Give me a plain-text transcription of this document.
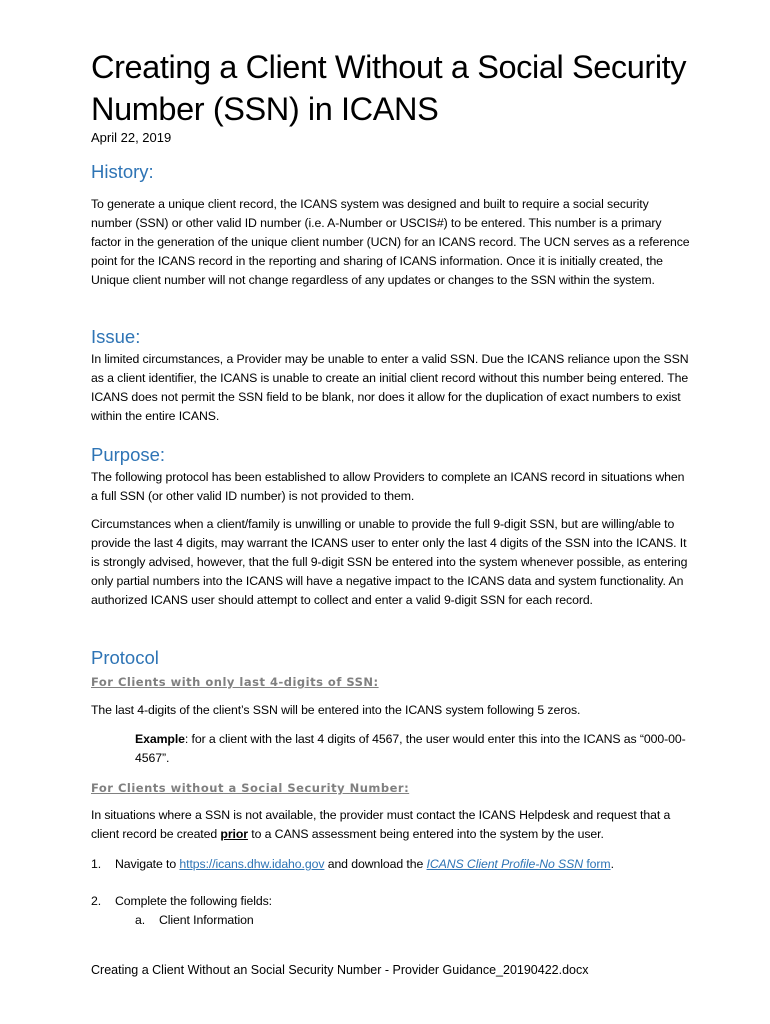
Creating a Client Without a Social Security Number (SSN) in ICANS

April 22, 2019

History:

To generate a unique client record, the ICANS system was designed and built to require a social security number (SSN) or other valid ID number (i.e. A-Number or USCIS#) to be entered. This number is a primary factor in the generation of the unique client number (UCN) for an ICANS record. The UCN serves as a reference point for the ICANS record in the reporting and sharing of ICANS information. Once it is initially created, the Unique client number will not change regardless of any updates or changes to the SSN within the system.

Issue:

In limited circumstances, a Provider may be unable to enter a valid SSN. Due the ICANS reliance upon the SSN as a client identifier, the ICANS is unable to create an initial client record without this number being entered. The ICANS does not permit the SSN field to be blank, nor does it allow for the duplication of exact numbers to exist within the entire ICANS.

Purpose:

The following protocol has been established to allow Providers to complete an ICANS record in situations when a full SSN (or other valid ID number) is not provided to them.

Circumstances when a client/family is unwilling or unable to provide the full 9-digit SSN, but are willing/able to provide the last 4 digits, may warrant the ICANS user to enter only the last 4 digits of the SSN into the ICANS. It is strongly advised, however, that the full 9-digit SSN be entered into the system whenever possible, as entering only partial numbers into the ICANS will have a negative impact to the ICANS data and system functionality. An authorized ICANS user should attempt to collect and enter a valid 9-digit SSN for each record.

Protocol

For Clients with only last 4-digits of SSN:

The last 4-digits of the client’s SSN will be entered into the ICANS system following 5 zeros.

Example: for a client with the last 4 digits of 4567, the user would enter this into the ICANS as “000-00-4567”.

For Clients without a Social Security Number:

In situations where a SSN is not available, the provider must contact the ICANS Helpdesk and request that a client record be created prior to a CANS assessment being entered into the system by the user.

1. Navigate to https://icans.dhw.idaho.gov and download the ICANS Client Profile-No SSN form.

2. Complete the following fields:

a. Client Information

Creating a Client Without an Social Security Number - Provider Guidance_20190422.docx
